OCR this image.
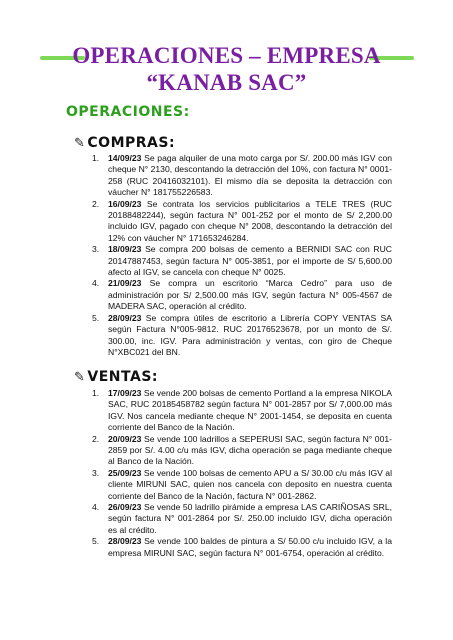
OPERACIONES – EMPRESA
“KANAB SAC”
OPERACIONES:
✎ COMPRAS:
1.	14/09/23 Se paga alquiler de una moto carga por S/. 200.00 más IGV con cheque N° 2130, descontando la detracción del 10%, con factura N° 0001-258 (RUC 20416032101). El mismo día se deposita la detracción con váucher N° 181755226583.
2.	16/09/23 Se contrata los servicios publicitarios a TELE TRES (RUC 20188482244), según factura N° 001-252 por el monto de S/ 2,200.00 incluido IGV, pagado con cheque N° 2008, descontando la detracción del 12% con váucher N° 171653246284.
3.	18/09/23 Se compra 200 bolsas de cemento a BERNIDI SAC con RUC 20147887453, según factura N° 005-3851, por el importe de S/ 5,600.00 afecto al IGV, se cancela con cheque N° 0025.
4.	21/09/23 Se compra un escritorio “Marca Cedro” para uso de administración por S/ 2,500.00 más IGV, según factura N° 005-4567 de MADERA SAC, operación al crédito.
5.	28/09/23 Se compra útiles de escritorio a Librería COPY VENTAS SA según Factura N°005-9812. RUC 20176523678, por un monto de S/. 300.00, inc. IGV. Para administración y ventas, con giro de Cheque N°XBC021 del BN.
✎ VENTAS:
1.	17/09/23 Se vende 200 bolsas de cemento Portland a la empresa NIKOLA SAC, RUC 20185458782 según factura N° 001-2857 por S/ 7,000.00 más IGV. Nos cancela mediante cheque N° 2001-1454, se deposita en cuenta corriente del Banco de la Nación.
2.	20/09/23 Se vende 100 ladrillos a SEPERUSI SAC, según factura N° 001-2859 por S/. 4.00 c/u más IGV, dicha operación se paga mediante cheque al Banco de la Nación.
3.	25/09/23 Se vende 100 bolsas de cemento APU a S/ 30.00 c/u más IGV al cliente MIRUNI SAC, quien nos cancela con deposito en nuestra cuenta corriente del Banco de la Nación, factura N° 001-2862.
4.	26/09/23 Se vende 50 ladrillo pirámide a empresa LAS CARIÑOSAS SRL, según factura N° 001-2864 por S/. 250.00 incluido IGV, dicha operación es al crédito.
5.	28/09/23 Se vende 100 baldes de pintura a S/ 50.00 c/u incluido IGV, a la empresa MIRUNI SAC, según factura N° 001-6754, operación al crédito.
